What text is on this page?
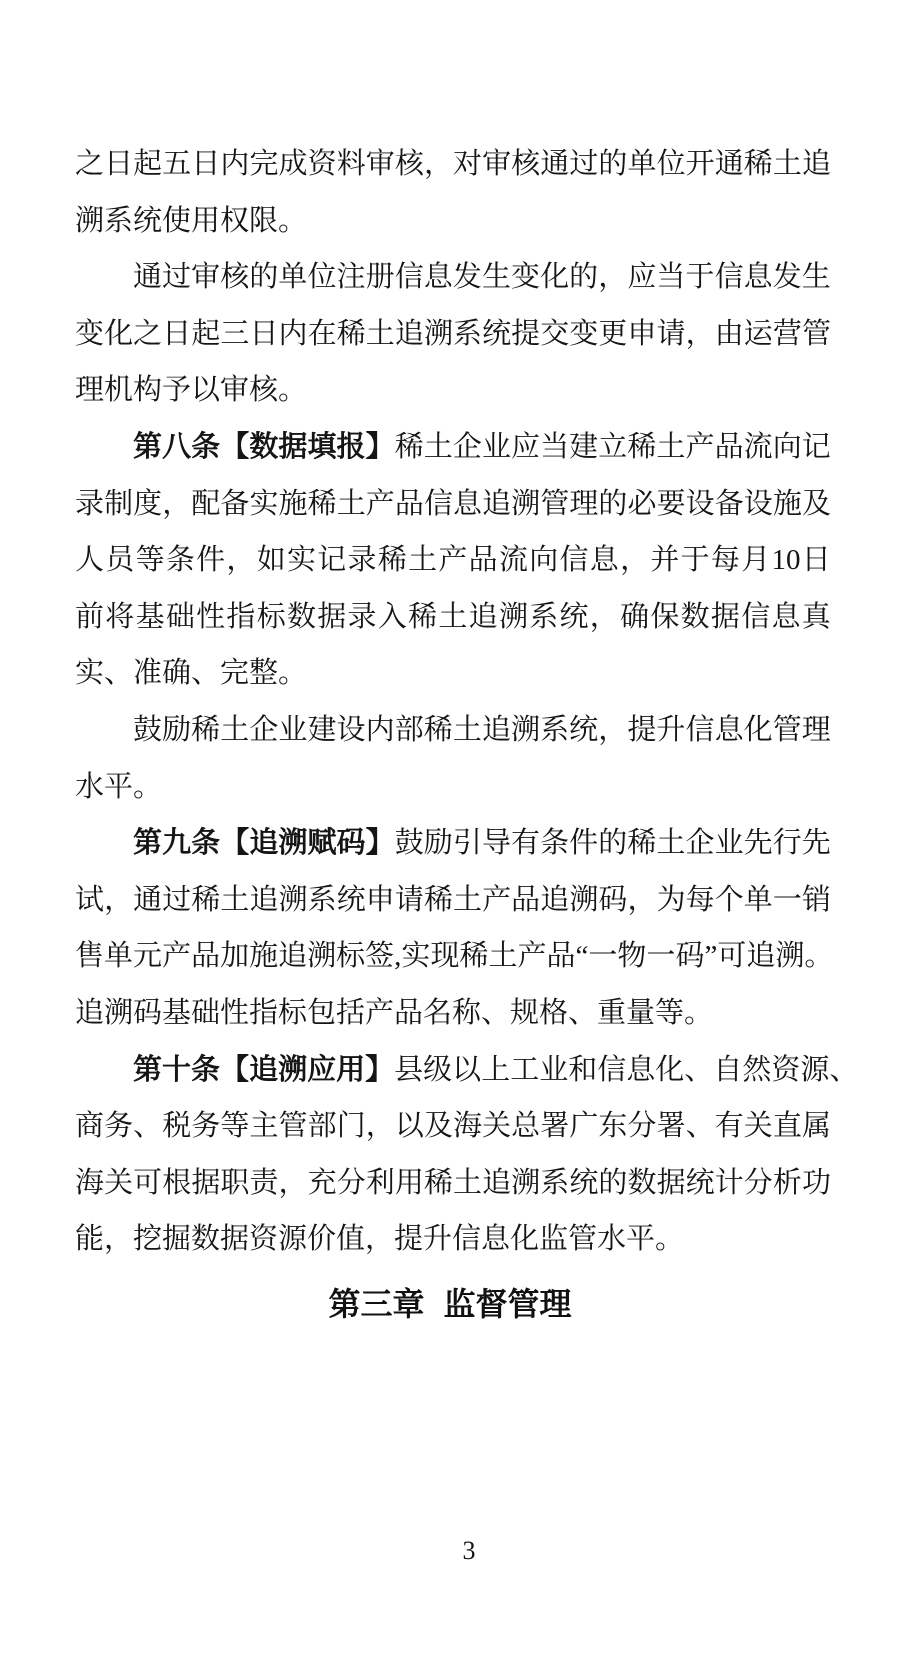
之 日 起 五 日 内 完 成 资 料 审 核 ， 对 审 核 通 过 的 单 位 开 通 稀 土 追
溯系统使用权限。
通 过 审 核 的 单 位 注 册 信 息 发 生 变 化 的 ， 应 当 于 信 息 发 生
变 化 之 日 起 三 日 内 在 稀 土 追 溯 系 统 提 交 变 更 申 请 ， 由 运 营 管
理机构予以审核。
第 八 条 【 数 据 填 报 】 稀 土 企 业 应 当 建 立 稀 土 产 品 流 向 记
录 制 度 ， 配 备 实 施 稀 土 产 品 信 息 追 溯 管 理 的 必 要 设 备 设 施 及
人 员 等 条 件 ， 如 实 记 录 稀 土 产 品 流 向 信 息 ， 并 于 每 月 10 日
前 将 基 础 性 指 标 数 据 录 入 稀 土 追 溯 系 统 ， 确 保 数 据 信 息 真
实、准确、完整。
鼓 励 稀 土 企 业 建 设 内 部 稀 土 追 溯 系 统 ， 提 升 信 息 化 管 理
水平。
第 九 条 【 追 溯 赋 码 】 鼓 励 引 导 有 条 件 的 稀 土 企 业 先 行 先
试 ， 通 过 稀 土 追 溯 系 统 申 请 稀 土 产 品 追 溯 码 ， 为 每 个 单 一 销
售 单 元 产 品 加 施 追 溯 标 签 , 实 现 稀 土 产 品 “ 一 物 一 码 ” 可 追 溯 。
追溯码基础性指标包括产品名称、规格、重量等。
第 十 条 【 追 溯 应 用 】 县 级 以 上 工 业 和 信 息 化 、 自 然 资 源 、
商 务 、 税 务 等 主 管 部 门 ， 以 及 海 关 总 署 广 东 分 署 、 有 关 直 属
海 关 可 根 据 职 责 ， 充 分 利 用 稀 土 追 溯 系 统 的 数 据 统 计 分 析 功
能，挖掘数据资源价值，提升信息化监管水平。
第三章 监督管理
3
